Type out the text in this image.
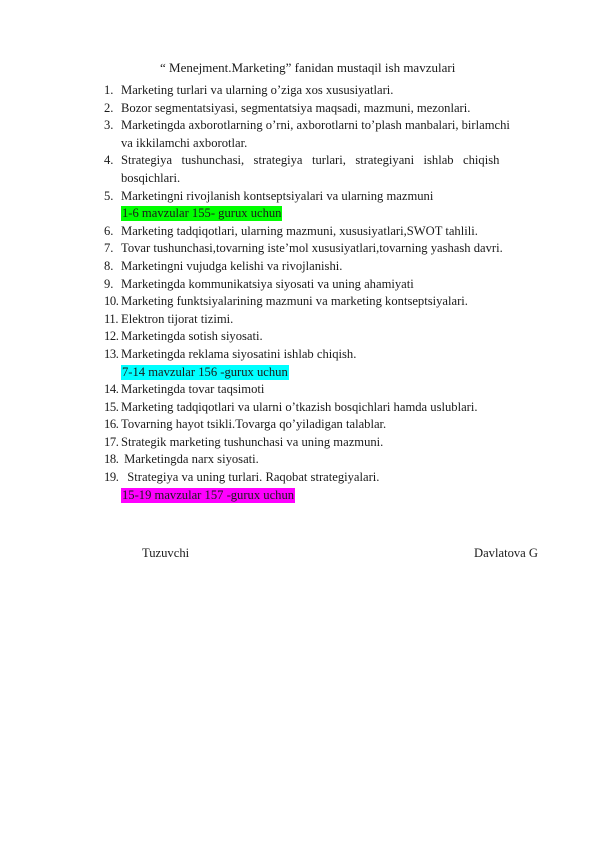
“ Menejment.Marketing” fanidan mustaqil ish mavzulari
1. Marketing turlari va ularning o’ziga xos xususiyatlari.
2. Bozor segmentatsiyasi, segmentatsiya maqsadi, mazmuni, mezonlari.
3. Marketingda axborotlarning o’rni, axborotlarni to’plash manbalari, birlamchi
va ikkilamchi axborotlar.
4. Strategiya   tushunchasi,   strategiya   turlari,   strategiyani   ishlab   chiqish
bosqichlari.
5. Marketingni rivojlanish kontseptsiyalari va ularning mazmuni
1-6 mavzular 155- gurux uchun
6. Marketing tadqiqotlari, ularning mazmuni, xususiyatlari,SWOT tahlili.
7. Tovar tushunchasi,tovarning iste’mol xususiyatlari,tovarning yashash davri.
8. Marketingni vujudga kelishi va rivojlanishi.
9. Marketingda kommunikatsiya siyosati va uning ahamiyati
10. Marketing funktsiyalarining mazmuni va marketing kontseptsiyalari.
11. Elektron tijorat tizimi.
12. Marketingda sotish siyosati.
13. Marketingda reklama siyosatini ishlab chiqish.
7-14 mavzular 156 -gurux uchun
14. Marketingda tovar taqsimoti
15. Marketing tadqiqotlari va ularni o’tkazish bosqichlari hamda uslublari.
16. Tovarning hayot tsikli.Tovarga qo’yiladigan talablar.
17. Strategik marketing tushunchasi va uning mazmuni.
18. Marketingda narx siyosati.
19. Strategiya va uning turlari. Raqobat strategiyalari.
15-19 mavzular 157 -gurux uchun
Tuzuvchi	Davlatova G
